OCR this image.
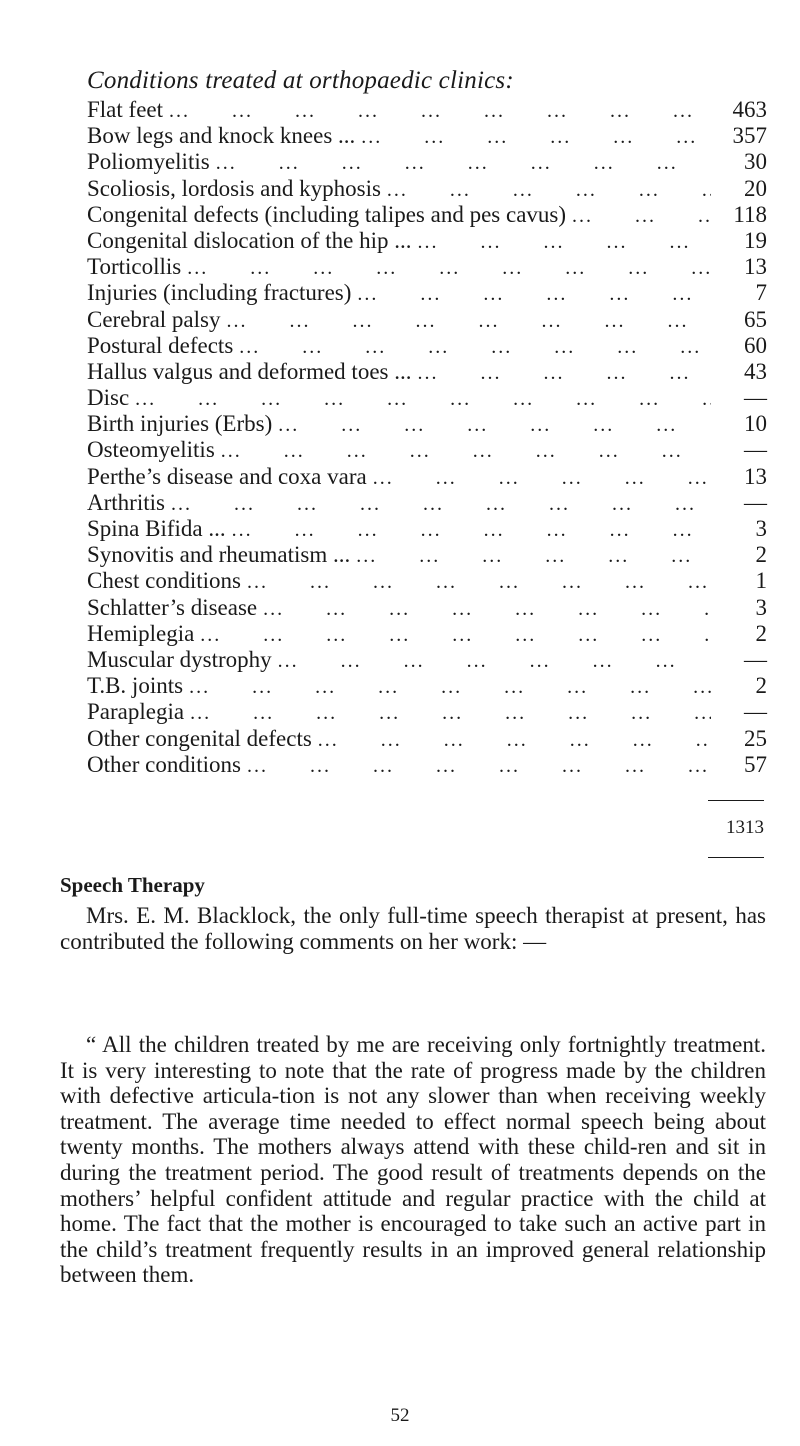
Conditions treated at orthopaedic clinics:
Flat feet ...	463
Bow legs and knock knees ... ...	357
Poliomyelitis ...	30
Scoliosis, lordosis and kyphosis ...	20
Congenital defects (including talipes and pes cavus) ...	118
Congenital dislocation of the hip ... ...	19
Torticollis ...	13
Injuries (including fractures) ...	7
Cerebral palsy ...	65
Postural defects ...	60
Hallus valgus and deformed toes ... ...	43
Disc ...	—
Birth injuries (Erbs) ...	10
Osteomyelitis ...	—
Perthe’s disease and coxa vara ...	13
Arthritis ...	—
Spina Bifida ... ...	3
Synovitis and rheumatism ... ...	2
Chest conditions ...	1
Schlatter’s disease ...	3
Hemiplegia ...	2
Muscular dystrophy ...	—
T.B. joints ...	2
Paraplegia ...	—
Other congenital defects ...	25
Other conditions ...	57
1313
Speech Therapy

Mrs. E. M. Blacklock, the only full-time speech therapist at present, has contributed the following comments on her work: —

“ All the children treated by me are receiving only fortnightly treatment. It is very interesting to note that the rate of progress made by the children with defective articula-tion is not any slower than when receiving weekly treatment. The average time needed to effect normal speech being about twenty months. The mothers always attend with these child-ren and sit in during the treatment period. The good result of treatments depends on the mothers’ helpful confident attitude and regular practice with the child at home. The fact that the mother is encouraged to take such an active part in the child’s treatment frequently results in an improved general relationship between them.

52
